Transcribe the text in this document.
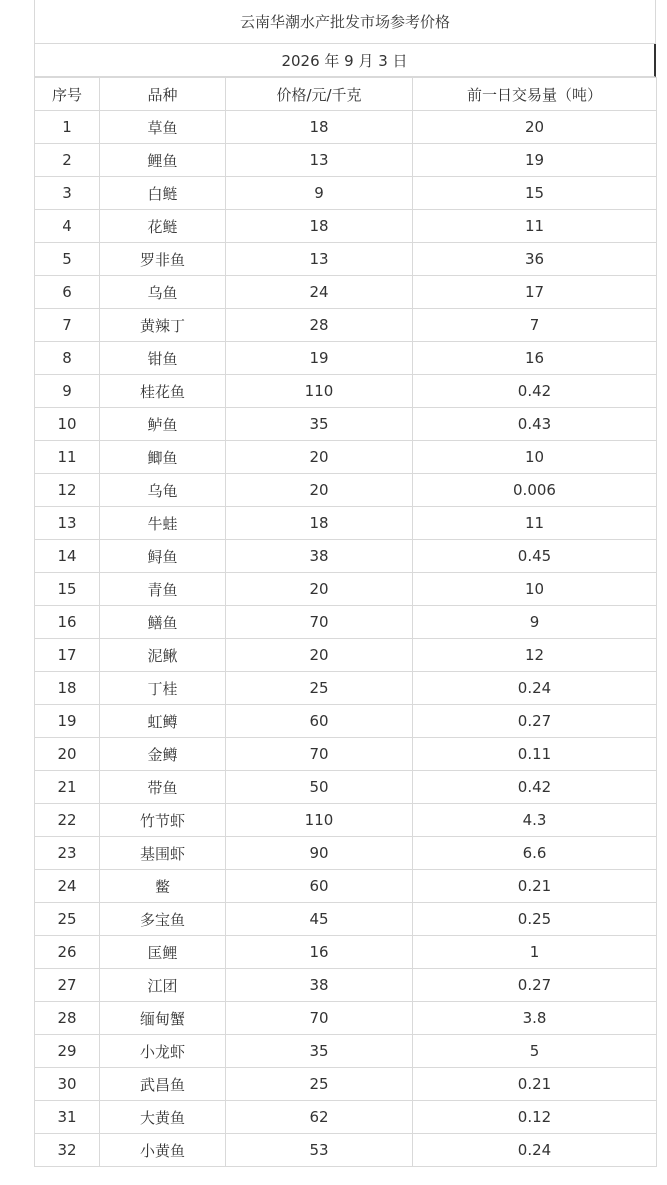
云南华潮水产批发市场参考价格
2026 年 9 月 3 日
序号	品种	价格/元/千克	前一日交易量（吨）
1	草鱼	18	20
2	鲤鱼	13	19
3	白鲢	9	15
4	花鲢	18	11
5	罗非鱼	13	36
6	乌鱼	24	17
7	黄辣丁	28	7
8	钳鱼	19	16
9	桂花鱼	110	0.42
10	鲈鱼	35	0.43
11	鲫鱼	20	10
12	乌龟	20	0.006
13	牛蛙	18	11
14	鲟鱼	38	0.45
15	青鱼	20	10
16	鳝鱼	70	9
17	泥鳅	20	12
18	丁桂	25	0.24
19	虹鳟	60	0.27
20	金鳟	70	0.11
21	带鱼	50	0.42
22	竹节虾	110	4.3
23	基围虾	90	6.6
24	鳖	60	0.21
25	多宝鱼	45	0.25
26	匡鲤	16	1
27	江团	38	0.27
28	缅甸蟹	70	3.8
29	小龙虾	35	5
30	武昌鱼	25	0.21
31	大黄鱼	62	0.12
32	小黄鱼	53	0.24
